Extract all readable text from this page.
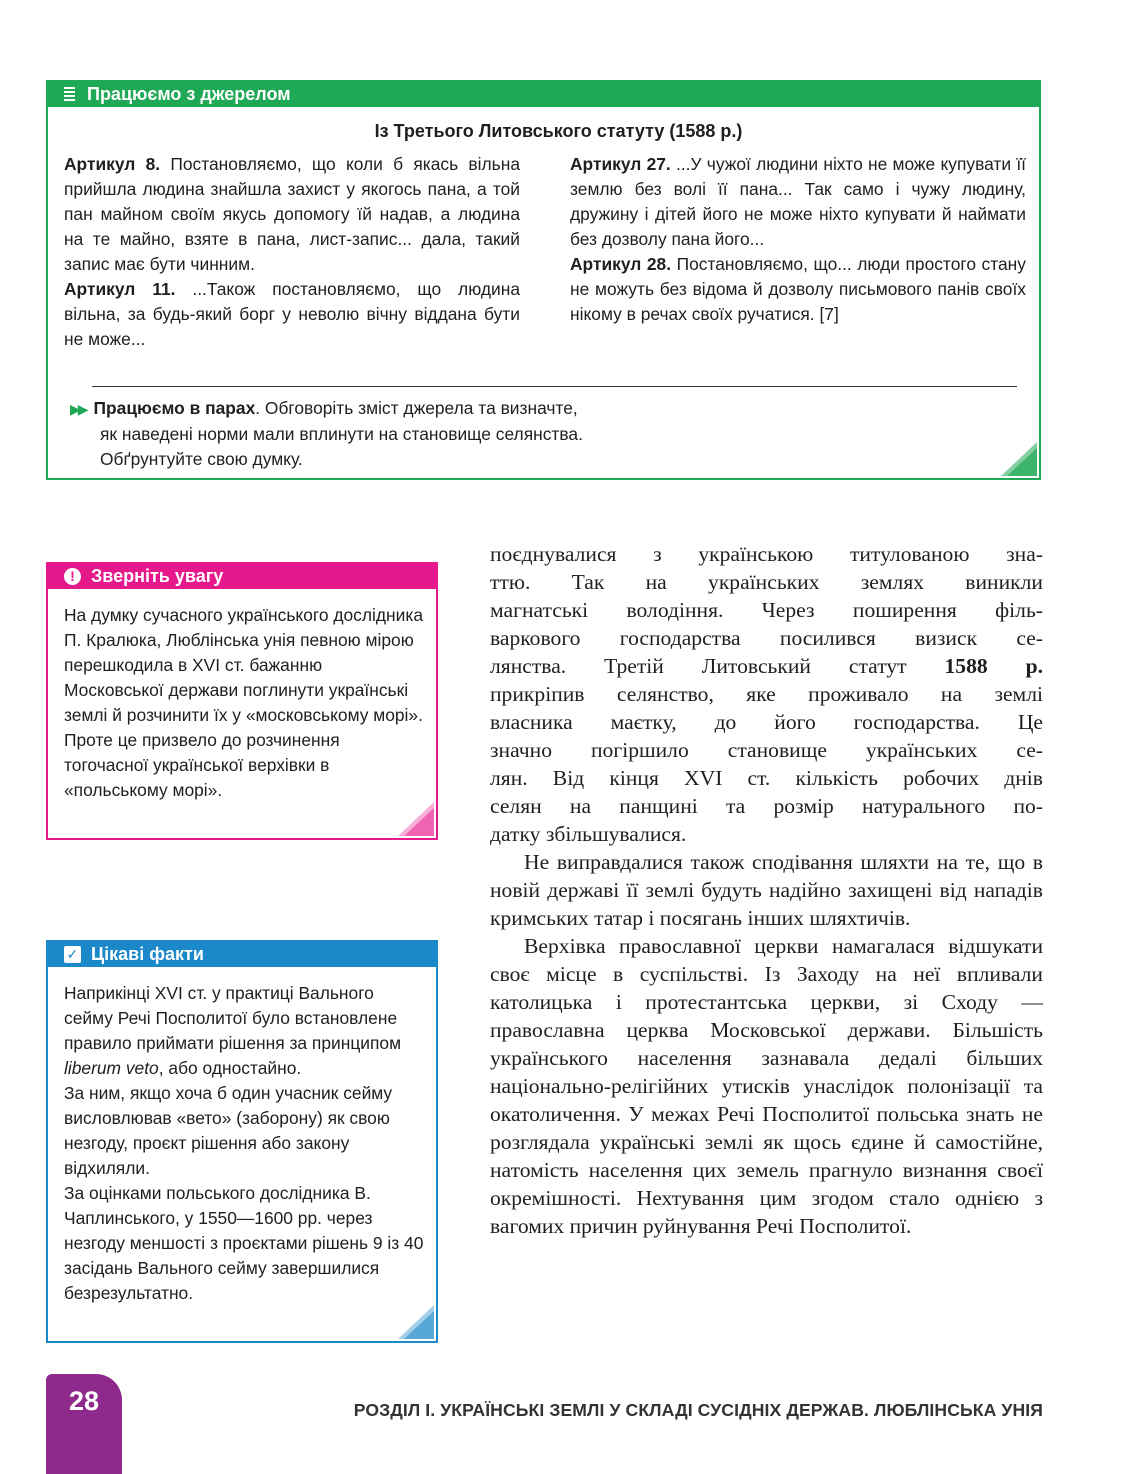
Працюємо з джерелом
Із Третього Литовського статуту (1588 р.)

Артикул 8. Постановляємо, що коли б якась вільна прийшла людина знайшла захист у якогось пана, а той пан майном своїм якусь допомогу їй надав, а людина на те майно, взяте в пана, лист-запис... дала, такий запис має бути чинним.

Артикул 11. ...Також постановляємо, що людина вільна, за будь-який борг у неволю вічну віддана бути не може...

Артикул 27. ...У чужої людини ніхто не може купувати її землю без волі її пана... Так само і чужу людину, дружину і дітей його не може ніхто купувати й наймати без дозволу пана його...

Артикул 28. Постановляємо, що... люди простого стану не можуть без відома й дозволу письмового панів своїх нікому в речах своїх ручатися. [7]

▶▶ Працюємо в парах. Обговоріть зміст джерела та визначте,
як наведені норми мали вплинути на становище селянства.
Обґрунтуйте свою думку.
! Зверніть увагу

На думку сучасного українського дослідника П. Кралюка, Люблінська унія певною мірою перешкодила в XVI ст. бажанню Московської держави поглинути українські землі й розчинити їх у «московському морі». Проте це призвело до розчинення тогочасної української верхівки в «польському морі».

✓ Цікаві факти

Наприкінці XVI ст. у практиці Вального сейму Речі Посполитої було встановлене правило приймати рішення за принципом liberum veto, або одностайно.

За ним, якщо хоча б один учасник сейму висловлював «вето» (заборону) як свою незгоду, проєкт рішення або закону відхиляли.

За оцінками польського дослідника В. Чаплинського, у 1550—1600 рр. через незгоду меншості з проєктами рішень 9 із 40 засідань Вального сейму завершилися безрезультатно.

поєднувалися з українською титулованою зна-

ттю. Так на українських землях виникли

магнатські володіння. Через поширення філь-

варкового господарства посилився визиск се-

лянства. Третій Литовський статут 1588 р.

прикріпив селянство, яке проживало на землі

власника маєтку, до його господарства. Це

значно погіршило становище українських се-

лян. Від кінця XVI ст. кількість робочих днів

селян на панщині та розмір натурального по-

датку збільшувалися.

Не виправдалися також сподівання шляхти на те, що в новій державі її землі будуть надійно захищені від нападів кримських татар і посягань інших шляхтичів.

Верхівка православної церкви намагалася відшукати своє місце в суспільстві. Із Заходу на неї впливали католицька і протестантська церкви, зі Сходу — православна церква Московської держави. Більшість українського населення зазнавала дедалі більших національно-релігійних утисків унаслідок полонізації та окатоличення. У межах Речі Посполитої польська знать не розглядала українські землі як щось єдине й самостійне, натомість населення цих земель прагнуло визнання своєї окремішності. Нехтування цим згодом стало однією з вагомих причин руйнування Речі Посполитої.

28	РОЗДІЛ І. УКРАЇНСЬКІ ЗЕМЛІ У СКЛАДІ СУСІДНІХ ДЕРЖАВ. ЛЮБЛІНСЬКА УНІЯ
